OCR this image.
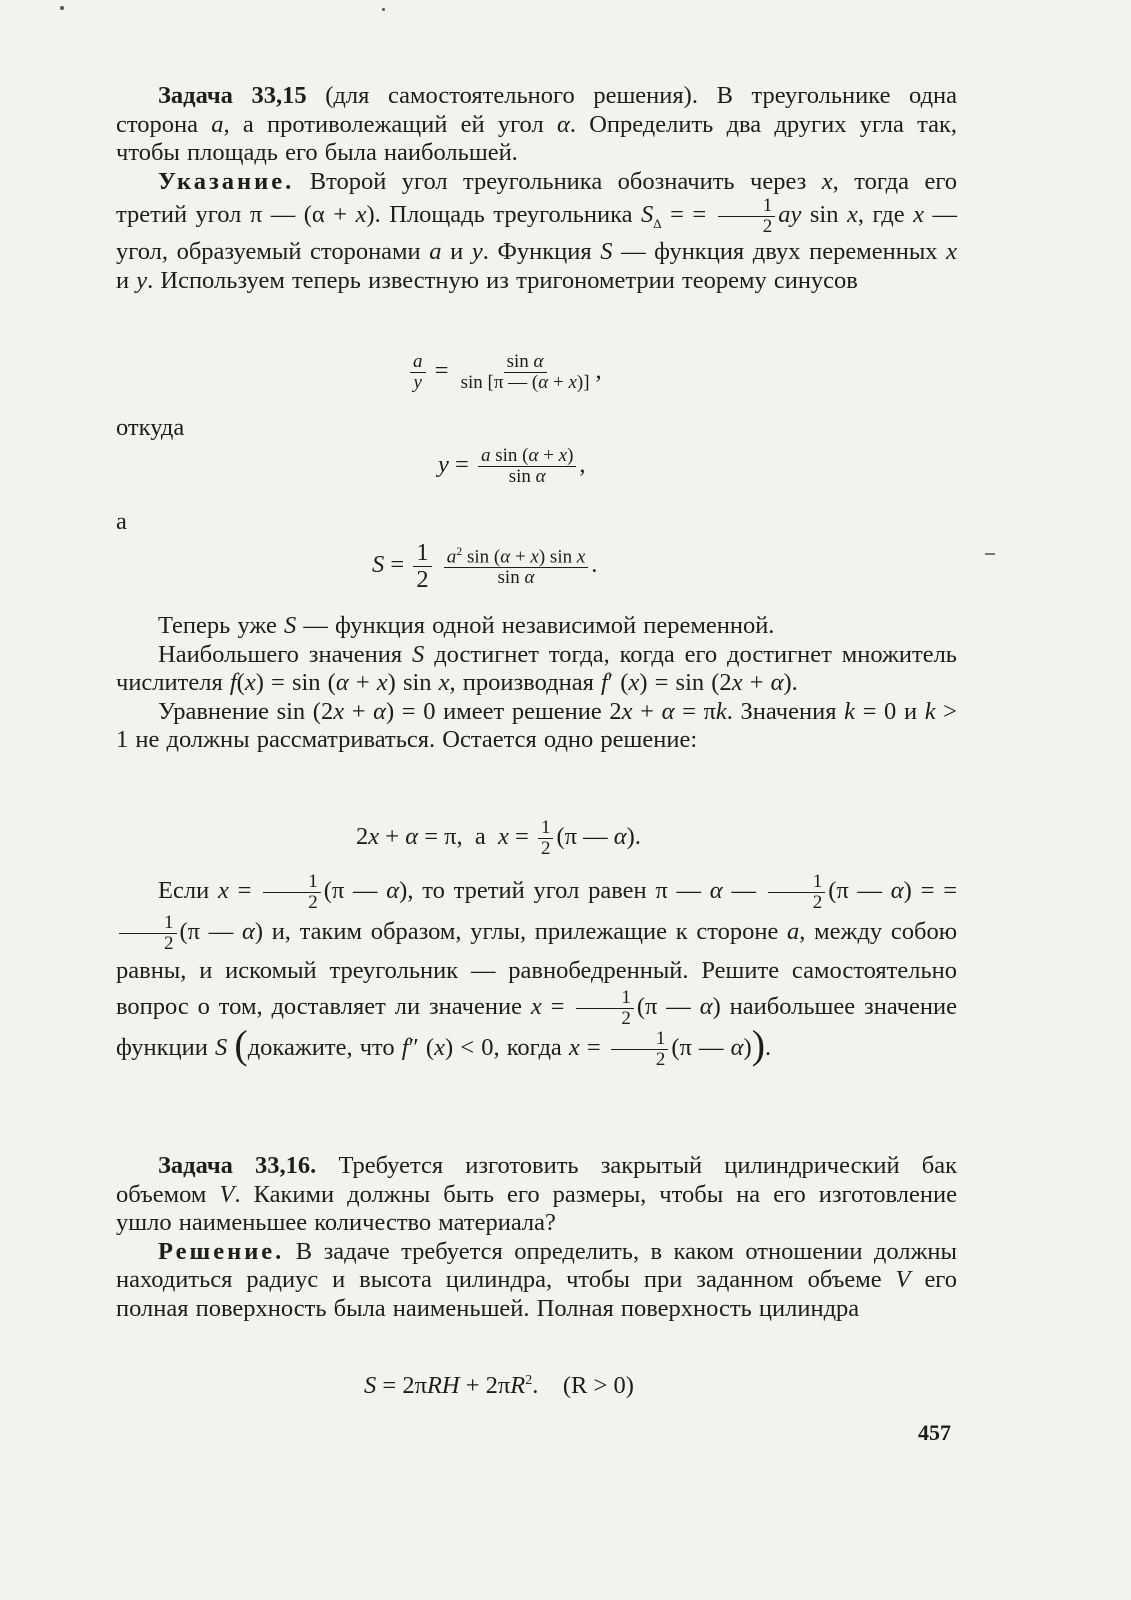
Задача 33,15 (для самостоятельного решения). В треугольнике одна сторона a, а противолежащий ей угол α. Определить два других угла так, чтобы площадь его была наибольшей.

Указание. Второй угол треугольника обозначить через x, тогда его третий угол π — (α + x). Площадь треугольника $S_\Delta$ = = $\frac{1}{2}$ ay sin x, где x — угол, образуемый сторонами a и y. Функция S — функция двух переменных x и y. Используем теперь известную из тригонометрии теорему синусов

$\frac{a}{y} = \frac{\text{sin α}}{\sin [\pi — (\alpha + x)]}$ ,
откуда
$y = \frac{\text{a sin (α + x)}}{\text{sin α}}$ ,
а
$S = \frac{1}{2}$
$\frac{a^2 \sin (\alpha + x) \sin x}{\text{sin α}}$ .

Теперь уже S — функция одной независимой переменной.

Наибольшего значения S достигнет тогда, когда его достигнет множитель числителя f(x) = sin (α + x) sin x, производная f′ (x) = sin (2x + α).

Уравнение sin (2x + α) = 0 имеет решение 2x + α = πk. Значения k = 0 и k > 1 не должны рассматриваться. Остается одно решение:

2x + α = π,  а  $x = \frac{1}{2} (\pi$ — α).

Если $x = \frac{1}{2} (\pi$ — α), то третий угол равен π — α — $\frac{1}{2} (\pi$ — α) = =
$\frac{1}{2} (\pi$ — α) и, таким образом, углы, прилежащие к стороне a, между собою равны, и искомый треугольник — равнобедренный. Решите самостоятельно вопрос о том, доставляет ли значение $x = \frac{1}{2} (\pi$ — α) наибольшее значение функции S (докажите, что f″ (x) < 0, когда $x = \frac{1}{2} (\pi$ — α)).

Задача 33,16. Требуется изготовить закрытый цилиндрический бак объемом V. Какими должны быть его размеры, чтобы на его изготовление ушло наименьшее количество материала?

Решение. В задаче требуется определить, в каком отношении должны находиться радиус и высота цилиндра, чтобы при заданном объеме V его полная поверхность была наименьшей. Полная поверхность цилиндра

$S = 2\pi RH + 2\pi R^2$.    (R > 0)
457
